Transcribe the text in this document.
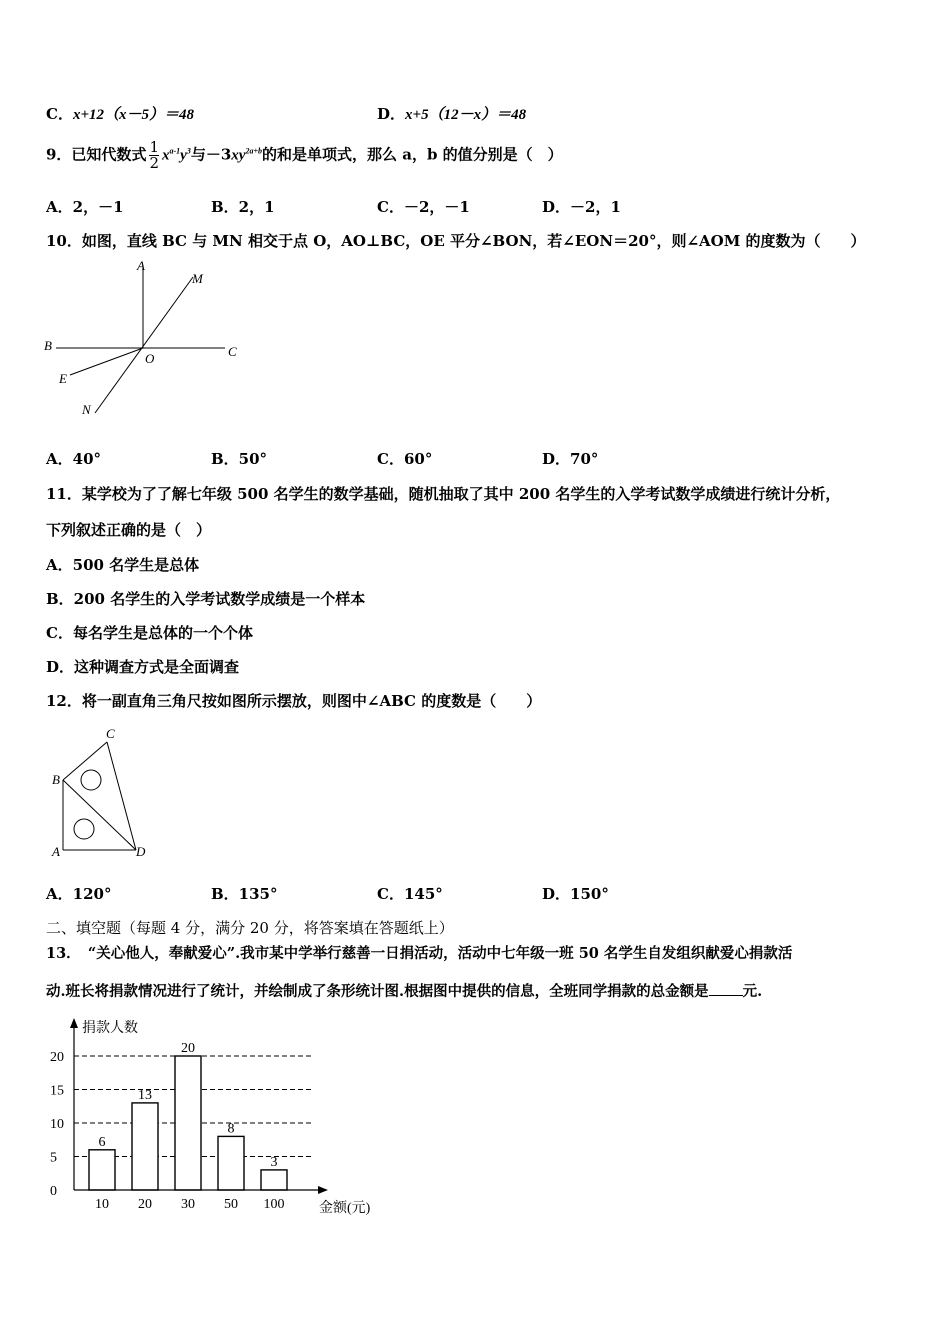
C．x+12（x－5）＝48	D．x+5（12－x）＝48
9．已知代数式 $\frac{1}{2} x^{a-1}y^3$与$-3xy^{2a+b}$的和是单项式，那么 a，b 的值分别是（　）
A．2，－1	B．2，1	C．－2，－1	D．－2，1
10．如图，直线 BC 与 MN 相交于点 O，AO⊥BC，OE 平分∠BON，若∠EON＝20°，则∠AOM 的度数为（　　）
A
M
B
O	C
E
N
A．40°	B．50°	C．60°	D．70°
11．某学校为了了解七年级 500 名学生的数学基础，随机抽取了其中 200 名学生的入学考试数学成绩进行统计分析，
下列叙述正确的是（　）
A．500 名学生是总体
B．200 名学生的入学考试数学成绩是一个样本
C．每名学生是总体的一个个体
D．这种调查方式是全面调查
12．将一副直角三角尺按如图所示摆放，则图中∠ABC 的度数是（　　）
C
B
A	D
A．120°	B．135°	C．145°	D．150°
二、填空题（每题 4 分，满分 20 分，将答案填在答题纸上）
13．　“关心他人，奉献爱心”.我市某中学举行慈善一日捐活动，活动中七年级一班 50 名学生自发组织献爱心捐款活
动.班长将捐款情况进行了统计，并绘制成了条形统计图.根据图中提供的信息，全班同学捐款的总金额是 元.
6
13
20
8
3
0
5
10
15
20
10 20 30 50 100
捐款人数
金额(元)
